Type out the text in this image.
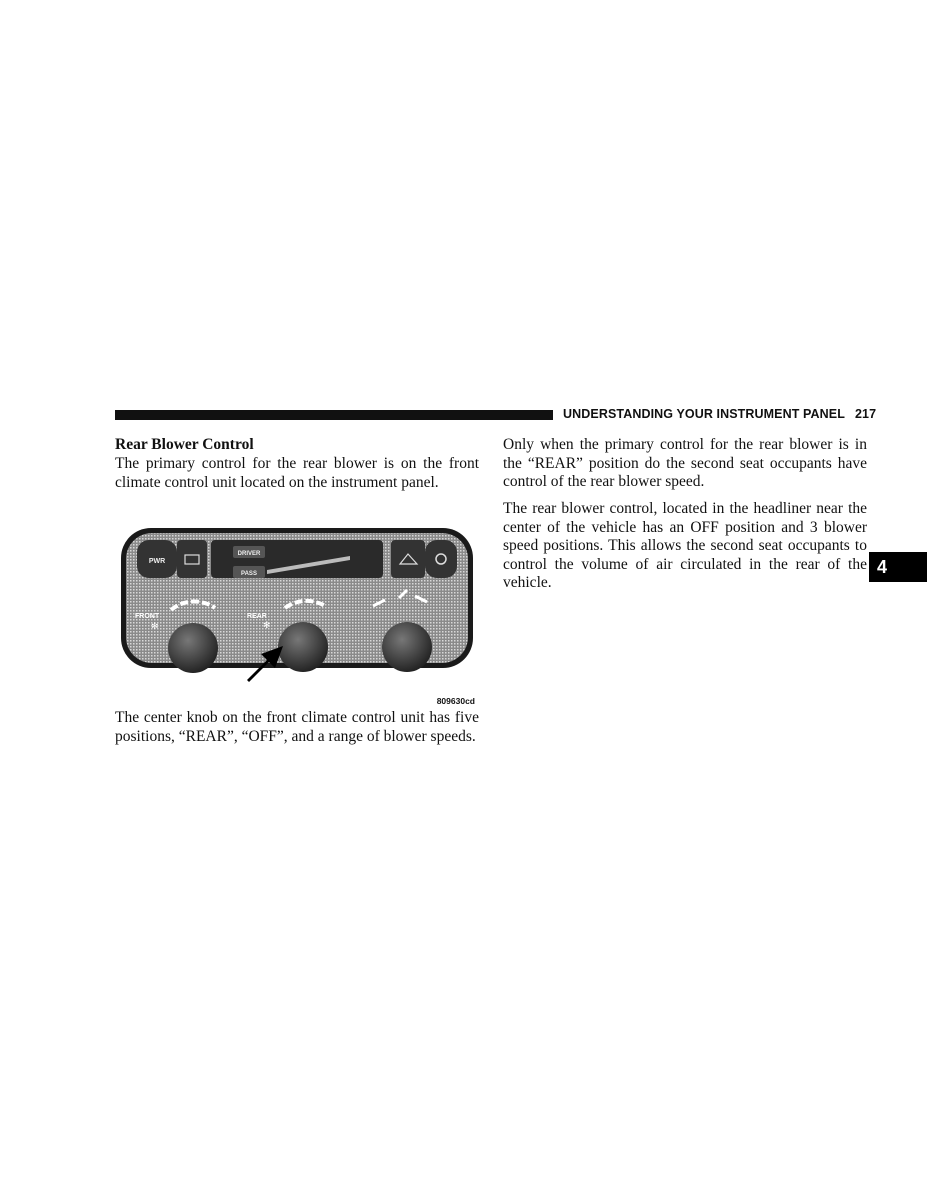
UNDERSTANDING YOUR INSTRUMENT PANEL 217
Rear Blower Control
The primary control for the rear blower is on the front climate control unit located on the instrument panel.
PWR
DRIVER
PASS
FRONT	REAR
✻
✻
809630cd
The center knob on the front climate control unit has five positions, “REAR”, “OFF”, and a range of blower speeds.
Only when the primary control for the rear blower is in the “REAR” position do the second seat occupants have control of the rear blower speed.
The rear blower control, located in the headliner near the center of the vehicle has an OFF position and 3 blower speed positions. This allows the second seat occupants to control the volume of air circulated in the rear of the vehicle.
4
